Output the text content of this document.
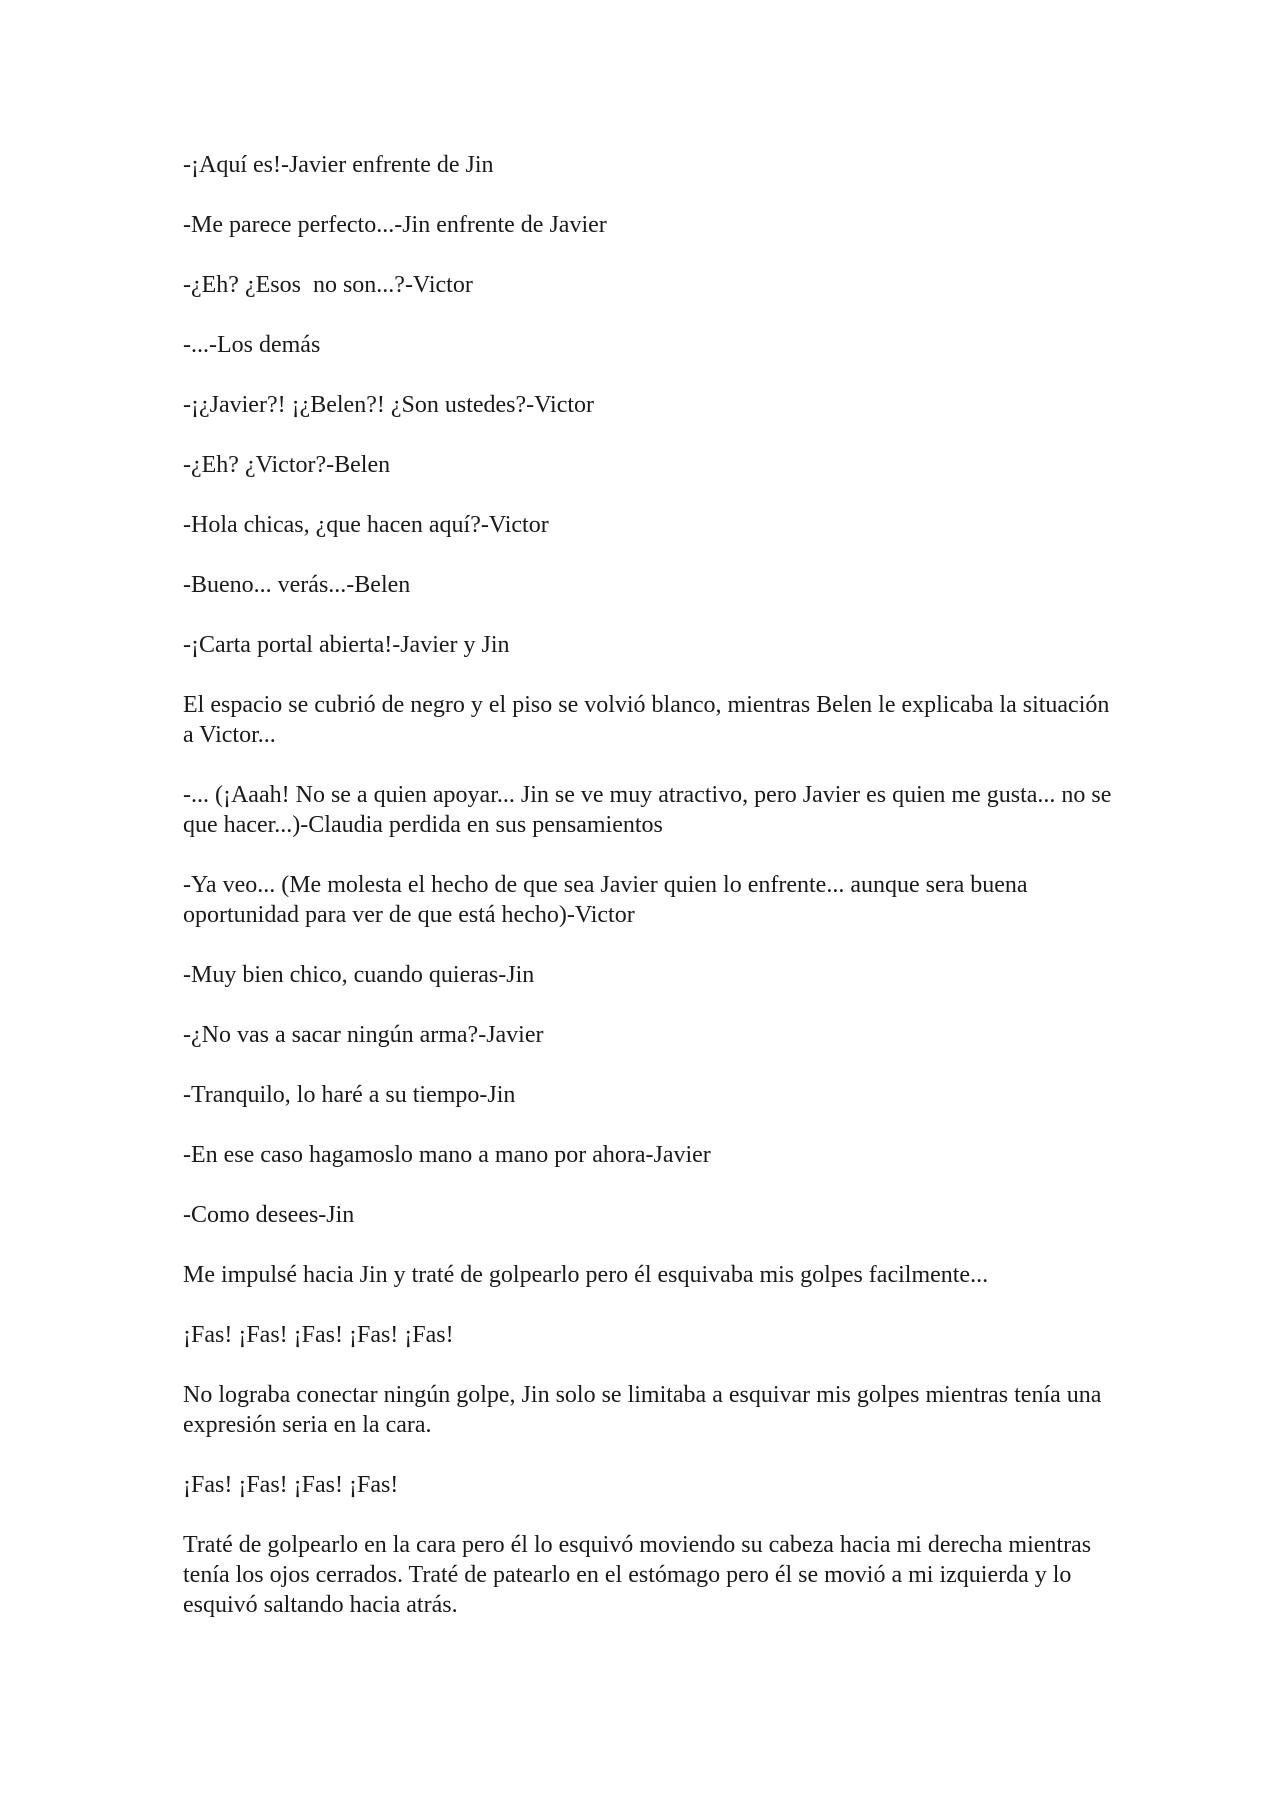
-¡Aquí es!-Javier enfrente de Jin

-Me parece perfecto...-Jin enfrente de Javier

-¿Eh? ¿Esos  no son...?-Victor

-...-Los demás

-¡¿Javier?! ¡¿Belen?! ¿Son ustedes?-Victor

-¿Eh? ¿Victor?-Belen

-Hola chicas, ¿que hacen aquí?-Victor

-Bueno... verás...-Belen

-¡Carta portal abierta!-Javier y Jin

El espacio se cubrió de negro y el piso se volvió blanco, mientras Belen le explicaba la situación a Victor...

-... (¡Aaah! No se a quien apoyar... Jin se ve muy atractivo, pero Javier es quien me gusta... no se que hacer...)-Claudia perdida en sus pensamientos

-Ya veo... (Me molesta el hecho de que sea Javier quien lo enfrente... aunque sera buena oportunidad para ver de que está hecho)-Victor

-Muy bien chico, cuando quieras-Jin

-¿No vas a sacar ningún arma?-Javier

-Tranquilo, lo haré a su tiempo-Jin

-En ese caso hagamoslo mano a mano por ahora-Javier

-Como desees-Jin

Me impulsé hacia Jin y traté de golpearlo pero él esquivaba mis golpes facilmente...

¡Fas! ¡Fas! ¡Fas! ¡Fas! ¡Fas!

No lograba conectar ningún golpe, Jin solo se limitaba a esquivar mis golpes mientras tenía una expresión seria en la cara.

¡Fas! ¡Fas! ¡Fas! ¡Fas!

Traté de golpearlo en la cara pero él lo esquivó moviendo su cabeza hacia mi derecha mientras tenía los ojos cerrados. Traté de patearlo en el estómago pero él se movió a mi izquierda y lo esquivó saltando hacia atrás.
